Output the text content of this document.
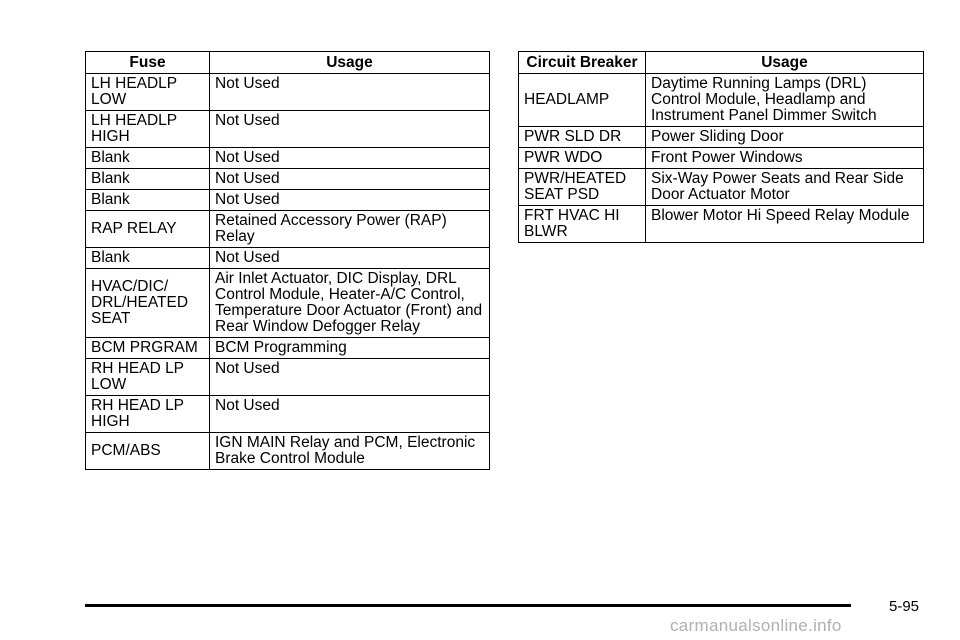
Fuse	Usage
LH HEADLP LOW	Not Used
LH HEADLP HIGH	Not Used
Blank	Not Used
Blank	Not Used
Blank	Not Used
RAP RELAY	Retained Accessory Power (RAP) Relay
Blank	Not Used
HVAC/DIC/ DRL/HEATED SEAT	Air Inlet Actuator, DIC Display, DRL Control Module, Heater-A/C Control, Temperature Door Actuator (Front) and Rear Window Defogger Relay
BCM PRGRAM	BCM Programming
RH HEAD LP LOW	Not Used
RH HEAD LP HIGH	Not Used
PCM/ABS	IGN MAIN Relay and PCM, Electronic Brake Control Module
Circuit Breaker	Usage
HEADLAMP	Daytime Running Lamps (DRL) Control Module, Headlamp and Instrument Panel Dimmer Switch
PWR SLD DR	Power Sliding Door
PWR WDO	Front Power Windows
PWR/HEATED SEAT PSD	Six-Way Power Seats and Rear Side Door Actuator Motor
FRT HVAC HI BLWR	Blower Motor Hi Speed Relay Module
5-95
carmanualsonline.info
